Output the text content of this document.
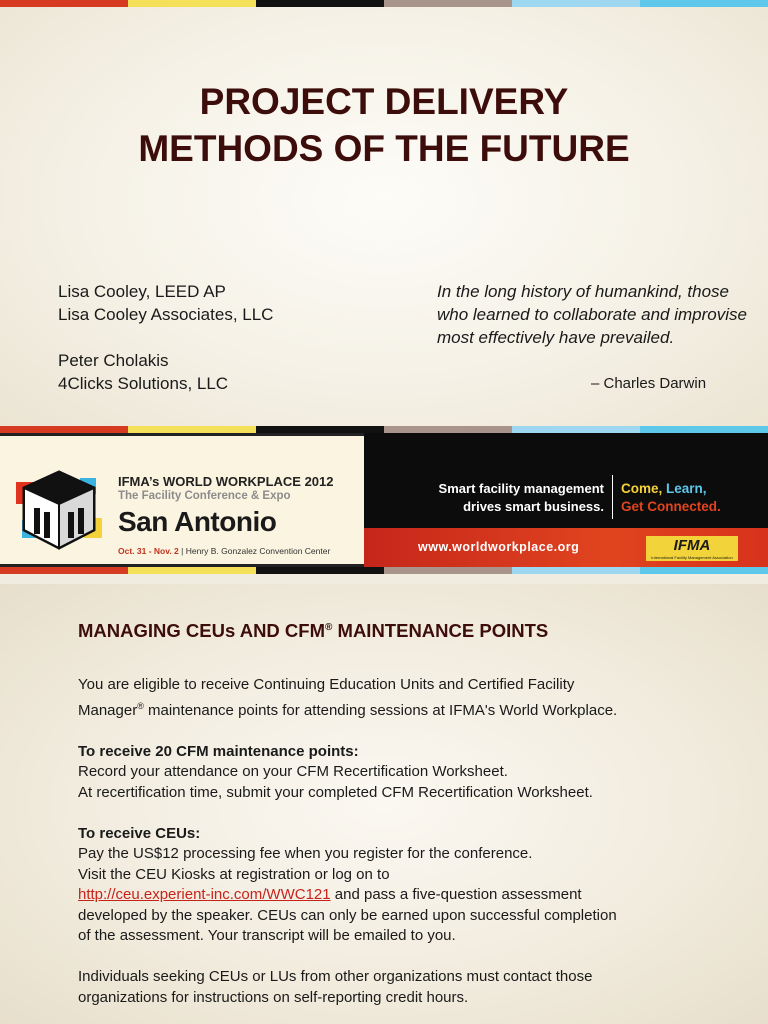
PROJECT DELIVERY METHODS OF THE FUTURE
Lisa Cooley, LEED AP
Lisa Cooley Associates, LLC
Peter Cholakis
4Clicks Solutions, LLC
In the long history of humankind, those who learned to collaborate and improvise most effectively have prevailed.
– Charles Darwin
IFMA’s WORLD WORKPLACE 2012
The Facility Conference & Expo
San Antonio
Oct. 31 - Nov. 2 | Henry B. Gonzalez Convention Center
Smart facility management
drives smart business.
Come, Learn,
Get Connected.
www.worldworkplace.org	IFMA
International Facility Management Association
MANAGING CEUs AND CFM® MAINTENANCE POINTS

You are eligible to receive Continuing Education Units and Certified Facility
Manager® maintenance points for attending sessions at IFMA's World Workplace.

To receive 20 CFM maintenance points:
Record your attendance on your CFM Recertification Worksheet.
At recertification time, submit your completed CFM Recertification Worksheet.

To receive CEUs:
Pay the US$12 processing fee when you register for the conference.
Visit the CEU Kiosks at registration or log on to
http://ceu.experient-inc.com/WWC121 and pass a five-question assessment
developed by the speaker. CEUs can only be earned upon successful completion
of the assessment. Your transcript will be emailed to you.

Individuals seeking CEUs or LUs from other organizations must contact those
organizations for instructions on self-reporting credit hours.
